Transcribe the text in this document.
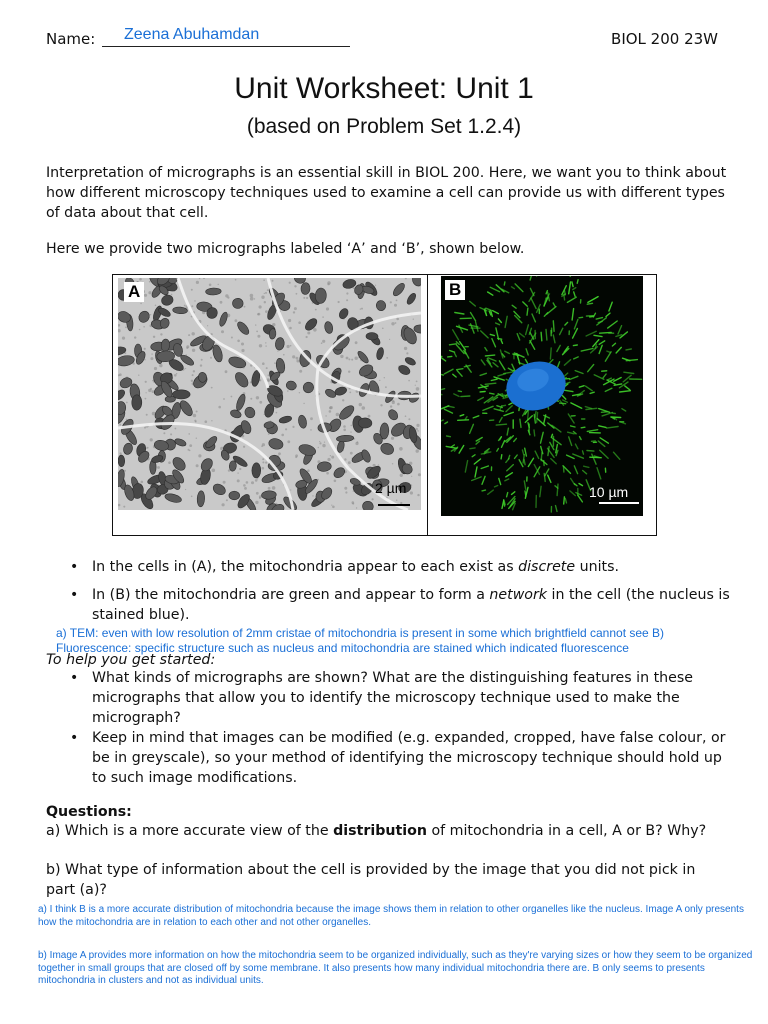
Name: Zeena Abuhamdan	BIOL 200 23W
Unit Worksheet: Unit 1
(based on Problem Set 1.2.4)
Interpretation of micrographs is an essential skill in BIOL 200. Here, we want you to think about how different microscopy techniques used to examine a cell can provide us with different types of data about that cell.
Here we provide two micrographs labeled ‘A’ and ‘B’, shown below.
A
2 µm
B
10 µm
• In the cells in (A), the mitochondria appear to each exist as discrete units.
• In (B) the mitochondria are green and appear to form a network in the cell (the nucleus is stained blue).
a) TEM: even with low resolution of 2mm cristae of mitochondria is present in some which brightfield cannot see B)
To help you get started:
Fluorescence: specific structure such as nucleus and mitochondria are stained which indicated fluorescence
• What kinds of micrographs are shown? What are the distinguishing features in these micrographs that allow you to identify the microscopy technique used to make the micrograph?
• Keep in mind that images can be modified (e.g. expanded, cropped, have false colour, or be in greyscale), so your method of identifying the microscopy technique should hold up to such image modifications.
Questions:
a) Which is a more accurate view of the distribution of mitochondria in a cell, A or B? Why?
b) What type of information about the cell is provided by the image that you did not pick in part (a)?
a) I think B is a more accurate distribution of mitochondria because the image shows them in relation to other organelles like the nucleus. Image A only presents how the mitochondria are in relation to each other and not other organelles.
b) Image A provides more information on how the mitochondria seem to be organized individually, such as they're varying sizes or how they seem to be organized together in small groups that are closed off by some membrane. It also presents how many individual mitochondria there are. B only seems to presents mitochondria in clusters and not as individual units.
